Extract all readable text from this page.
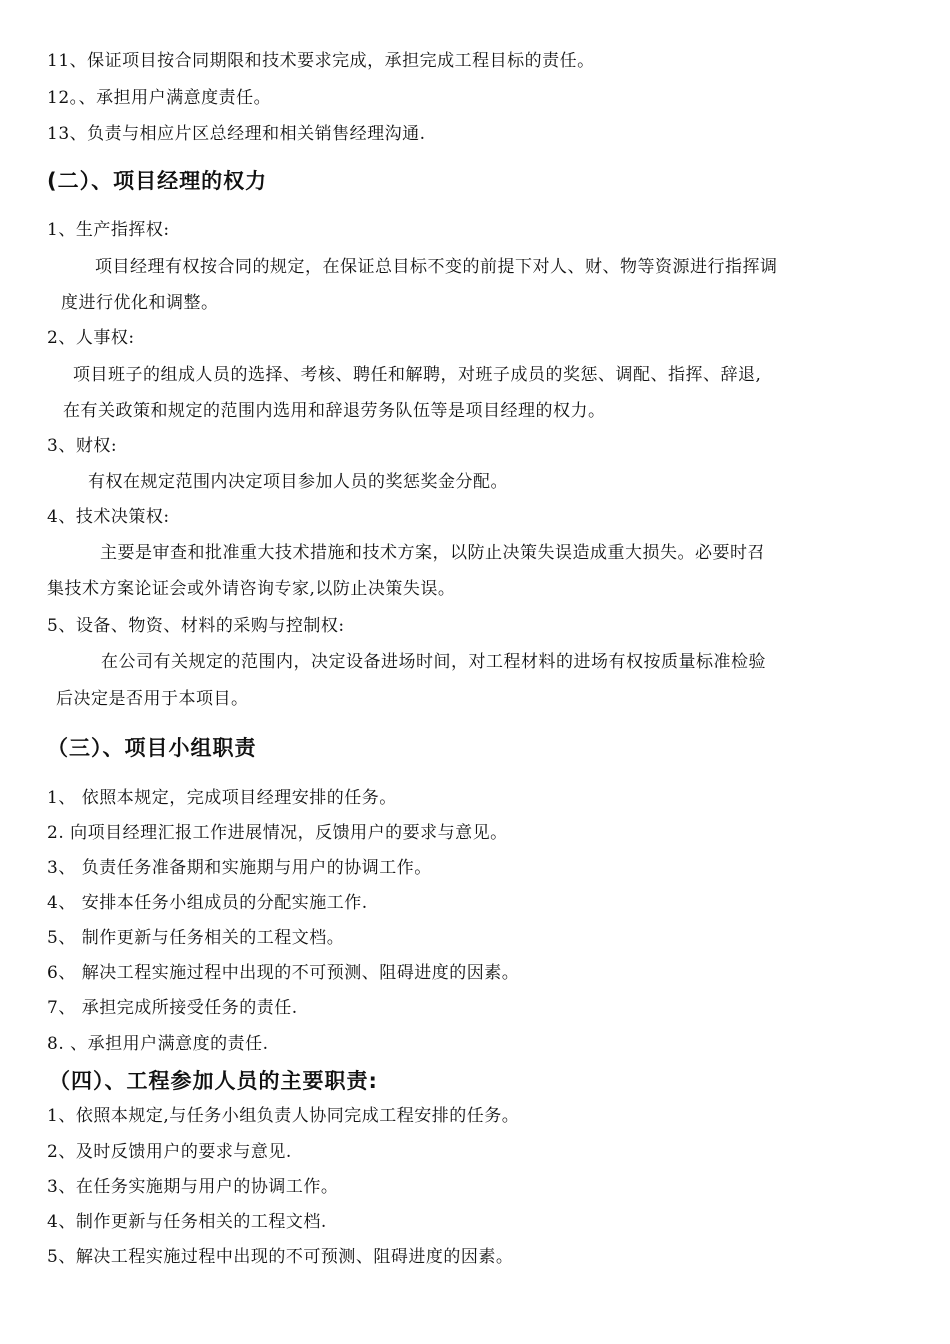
11、保证项目按合同期限和技术要求完成，承担完成工程目标的责任。
12。、承担用户满意度责任。
13、负责与相应片区总经理和相关销售经理沟通.
(二）、项目经理的权力
1、生产指挥权:
项目经理有权按合同的规定，在保证总目标不变的前提下对人、财、物等资源进行指挥调
度进行优化和调整。
2、人事权:
项目班子的组成人员的选择、考核、聘任和解聘，对班子成员的奖惩、调配、指挥、辞退,
在有关政策和规定的范围内选用和辞退劳务队伍等是项目经理的权力。
3、财权:
有权在规定范围内决定项目参加人员的奖惩奖金分配。
4、技术决策权:
主要是审查和批准重大技术措施和技术方案，以防止决策失误造成重大损失。必要时召
集技术方案论证会或外请咨询专家,以防止决策失误。
5、设备、物资、材料的采购与控制权:
在公司有关规定的范围内，决定设备进场时间，对工程材料的进场有权按质量标准检验
后决定是否用于本项目。
（三）、项目小组职责
1、 依照本规定，完成项目经理安排的任务。
2. 向项目经理汇报工作进展情况，反馈用户的要求与意见。
3、 负责任务准备期和实施期与用户的协调工作。
4、 安排本任务小组成员的分配实施工作.
5、 制作更新与任务相关的工程文档。
6、 解决工程实施过程中出现的不可预测、阻碍进度的因素。
7、 承担完成所接受任务的责任.
8. 、承担用户满意度的责任.
（四）、工程参加人员的主要职责:
1、依照本规定,与任务小组负责人协同完成工程安排的任务。
2、及时反馈用户的要求与意见.
3、在任务实施期与用户的协调工作。
4、制作更新与任务相关的工程文档.
5、解决工程实施过程中出现的不可预测、阻碍进度的因素。
